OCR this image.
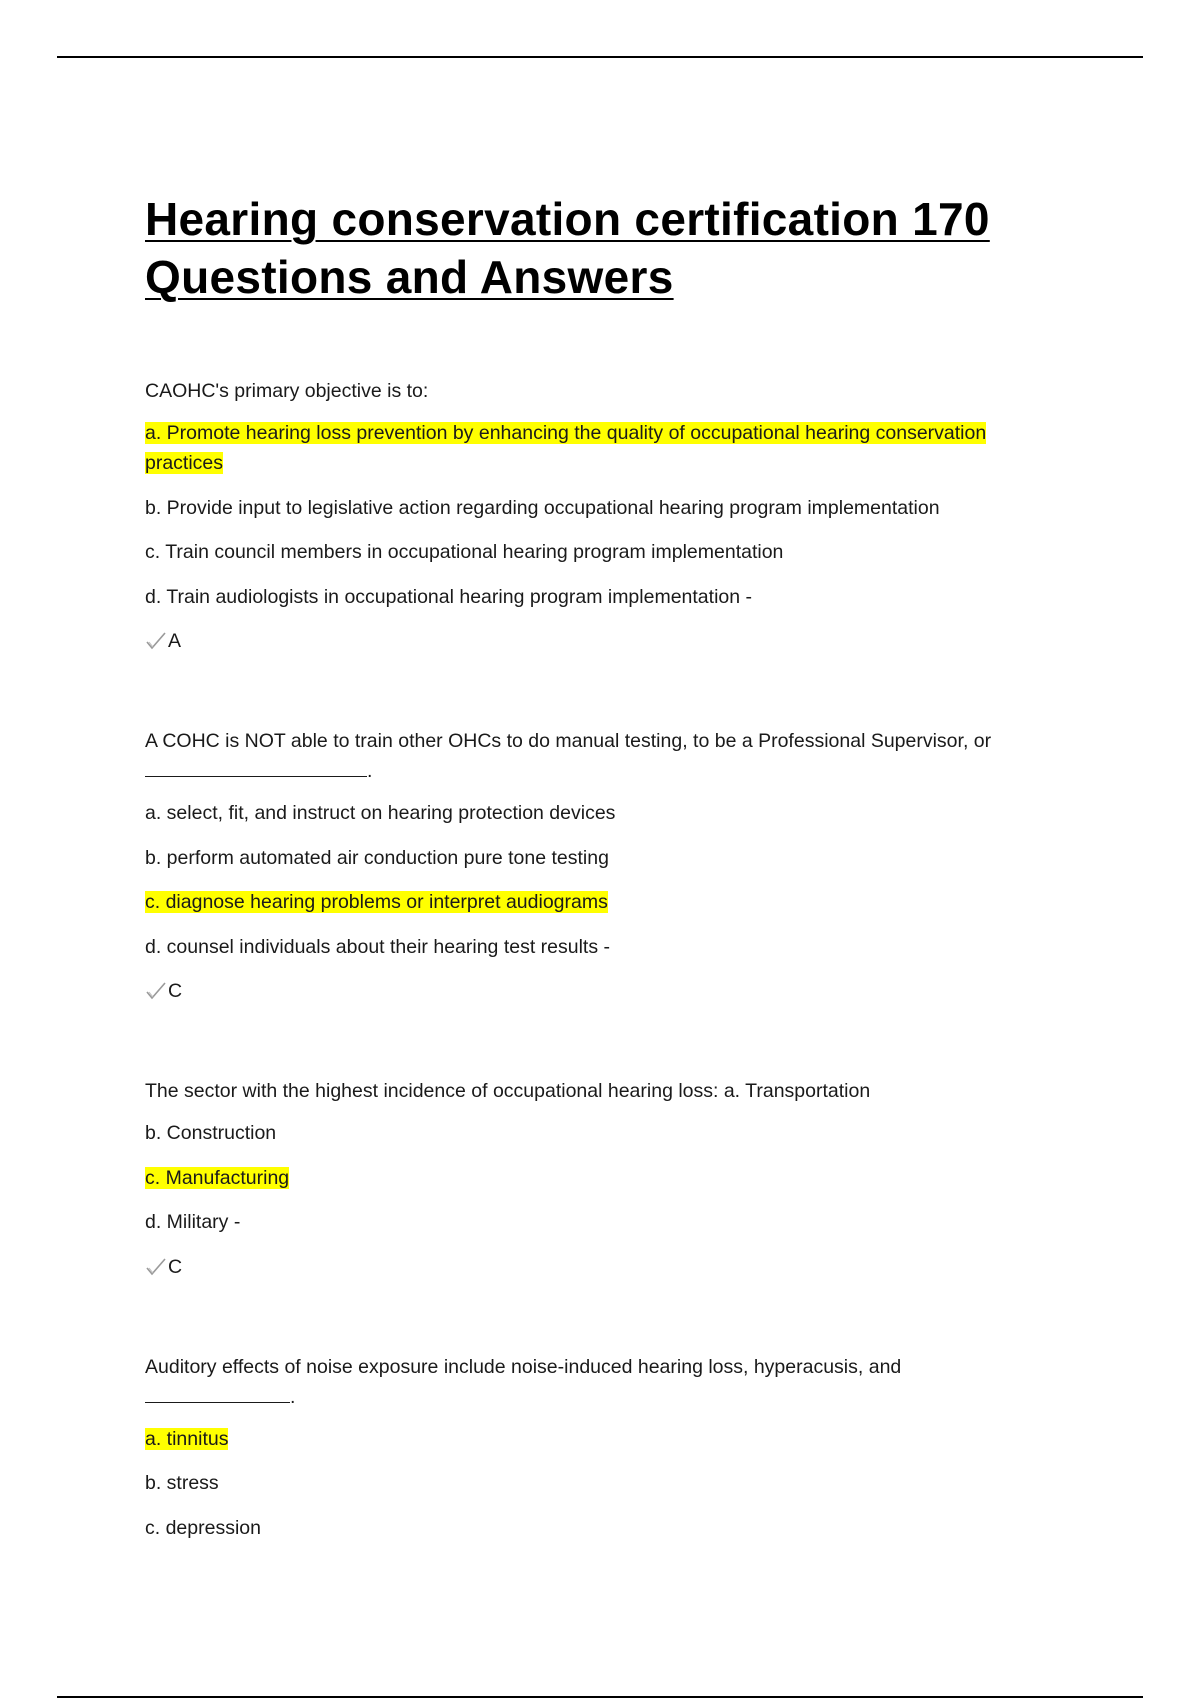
Hearing conservation certification 170
Questions and Answers

CAOHC's primary objective is to:

a. Promote hearing loss prevention by enhancing the quality of occupational hearing conservation practices

b. Provide input to legislative action regarding occupational hearing program implementation

c. Train council members in occupational hearing program implementation

d. Train audiologists in occupational hearing program implementation -

A

A COHC is NOT able to train other OHCs to do manual testing, to be a Professional Supervisor, or
.

a. select, fit, and instruct on hearing protection devices

b. perform automated air conduction pure tone testing

c. diagnose hearing problems or interpret audiograms

d. counsel individuals about their hearing test results -

C

The sector with the highest incidence of occupational hearing loss: a. Transportation

b. Construction

c. Manufacturing

d. Military -

C

Auditory effects of noise exposure include noise-induced hearing loss, hyperacusis, and
.

a. tinnitus

b. stress

c. depression
